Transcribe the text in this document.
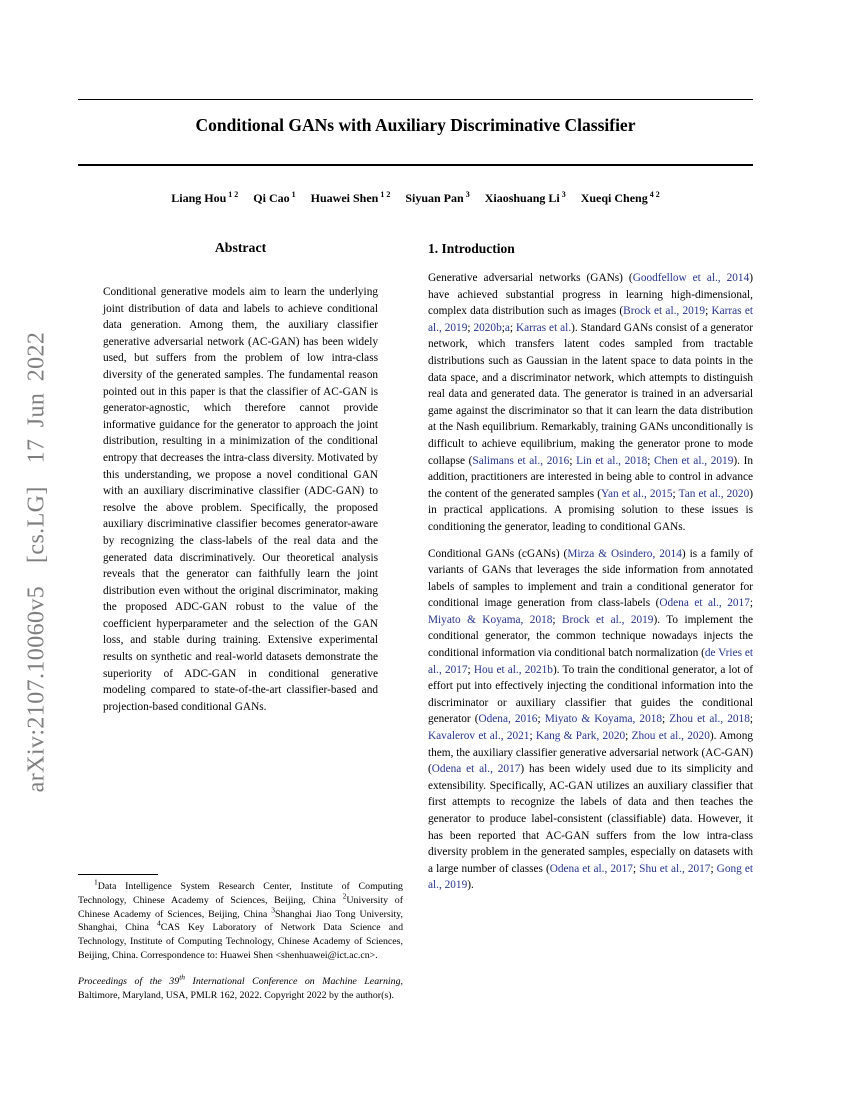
arXiv:2107.10060v5  [cs.LG]  17 Jun 2022
Conditional GANs with Auxiliary Discriminative Classifier
Liang Hou $^{1 2}$ Qi Cao $^1$ Huawei Shen $^{1 2}$ Siyuan Pan $^3$ Xiaoshuang Li $^3$ Xueqi Cheng $^{4 2}$
Abstract
Conditional generative models aim to learn the underlying joint distribution of data and labels to achieve conditional data generation. Among them, the auxiliary classifier generative adversarial network (AC-GAN) has been widely used, but suffers from the problem of low intra-class diversity of the generated samples. The fundamental reason pointed out in this paper is that the classifier of AC-GAN is generator-agnostic, which therefore cannot provide informative guidance for the generator to approach the joint distribution, resulting in a minimization of the conditional entropy that decreases the intra-class diversity. Motivated by this understanding, we propose a novel conditional GAN with an auxiliary discriminative classifier (ADC-GAN) to resolve the above problem. Specifically, the proposed auxiliary discriminative classifier becomes generator-aware by recognizing the class-labels of the real data and the generated data discriminatively. Our theoretical analysis reveals that the generator can faithfully learn the joint distribution even without the original discriminator, making the proposed ADC-GAN robust to the value of the coefficient hyperparameter and the selection of the GAN loss, and stable during training. Extensive experimental results on synthetic and real-world datasets demonstrate the superiority of ADC-GAN in conditional generative modeling compared to state-of-the-art classifier-based and projection-based conditional GANs.
$^1$Data Intelligence System Research Center, Institute of Computing Technology, Chinese Academy of Sciences, Beijing, China $^2$University of Chinese Academy of Sciences, Beijing, China $^3$Shanghai Jiao Tong University, Shanghai, China $^4$CAS Key Laboratory of Network Data Science and Technology, Institute of Computing Technology, Chinese Academy of Sciences, Beijing, China. Correspondence to: Huawei Shen <shenhuawei@ict.ac.cn>.
Proceedings of the 39th International Conference on Machine Learning, Baltimore, Maryland, USA, PMLR 162, 2022. Copyright 2022 by the author(s).
1. Introduction
Generative adversarial networks (GANs) (Goodfellow et al., 2014) have achieved substantial progress in learning high-dimensional, complex data distribution such as images (Brock et al., 2019; Karras et al., 2019; 2020b;a; Karras et al.). Standard GANs consist of a generator network, which transfers latent codes sampled from tractable distributions such as Gaussian in the latent space to data points in the data space, and a discriminator network, which attempts to distinguish real data and generated data. The generator is trained in an adversarial game against the discriminator so that it can learn the data distribution at the Nash equilibrium. Remarkably, training GANs unconditionally is difficult to achieve equilibrium, making the generator prone to mode collapse (Salimans et al., 2016; Lin et al., 2018; Chen et al., 2019). In addition, practitioners are interested in being able to control in advance the content of the generated samples (Yan et al., 2015; Tan et al., 2020) in practical applications. A promising solution to these issues is conditioning the generator, leading to conditional GANs.
Conditional GANs (cGANs) (Mirza & Osindero, 2014) is a family of variants of GANs that leverages the side information from annotated labels of samples to implement and train a conditional generator for conditional image generation from class-labels (Odena et al., 2017; Miyato & Koyama, 2018; Brock et al., 2019). To implement the conditional generator, the common technique nowadays injects the conditional information via conditional batch normalization (de Vries et al., 2017; Hou et al., 2021b). To train the conditional generator, a lot of effort put into effectively injecting the conditional information into the discriminator or auxiliary classifier that guides the conditional generator (Odena, 2016; Miyato & Koyama, 2018; Zhou et al., 2018; Kavalerov et al., 2021; Kang & Park, 2020; Zhou et al., 2020). Among them, the auxiliary classifier generative adversarial network (AC-GAN) (Odena et al., 2017) has been widely used due to its simplicity and extensibility. Specifically, AC-GAN utilizes an auxiliary classifier that first attempts to recognize the labels of data and then teaches the generator to produce label-consistent (classifiable) data. However, it has been reported that AC-GAN suffers from the low intra-class diversity problem in the generated samples, especially on datasets with a large number of classes (Odena et al., 2017; Shu et al., 2017; Gong et al., 2019).
